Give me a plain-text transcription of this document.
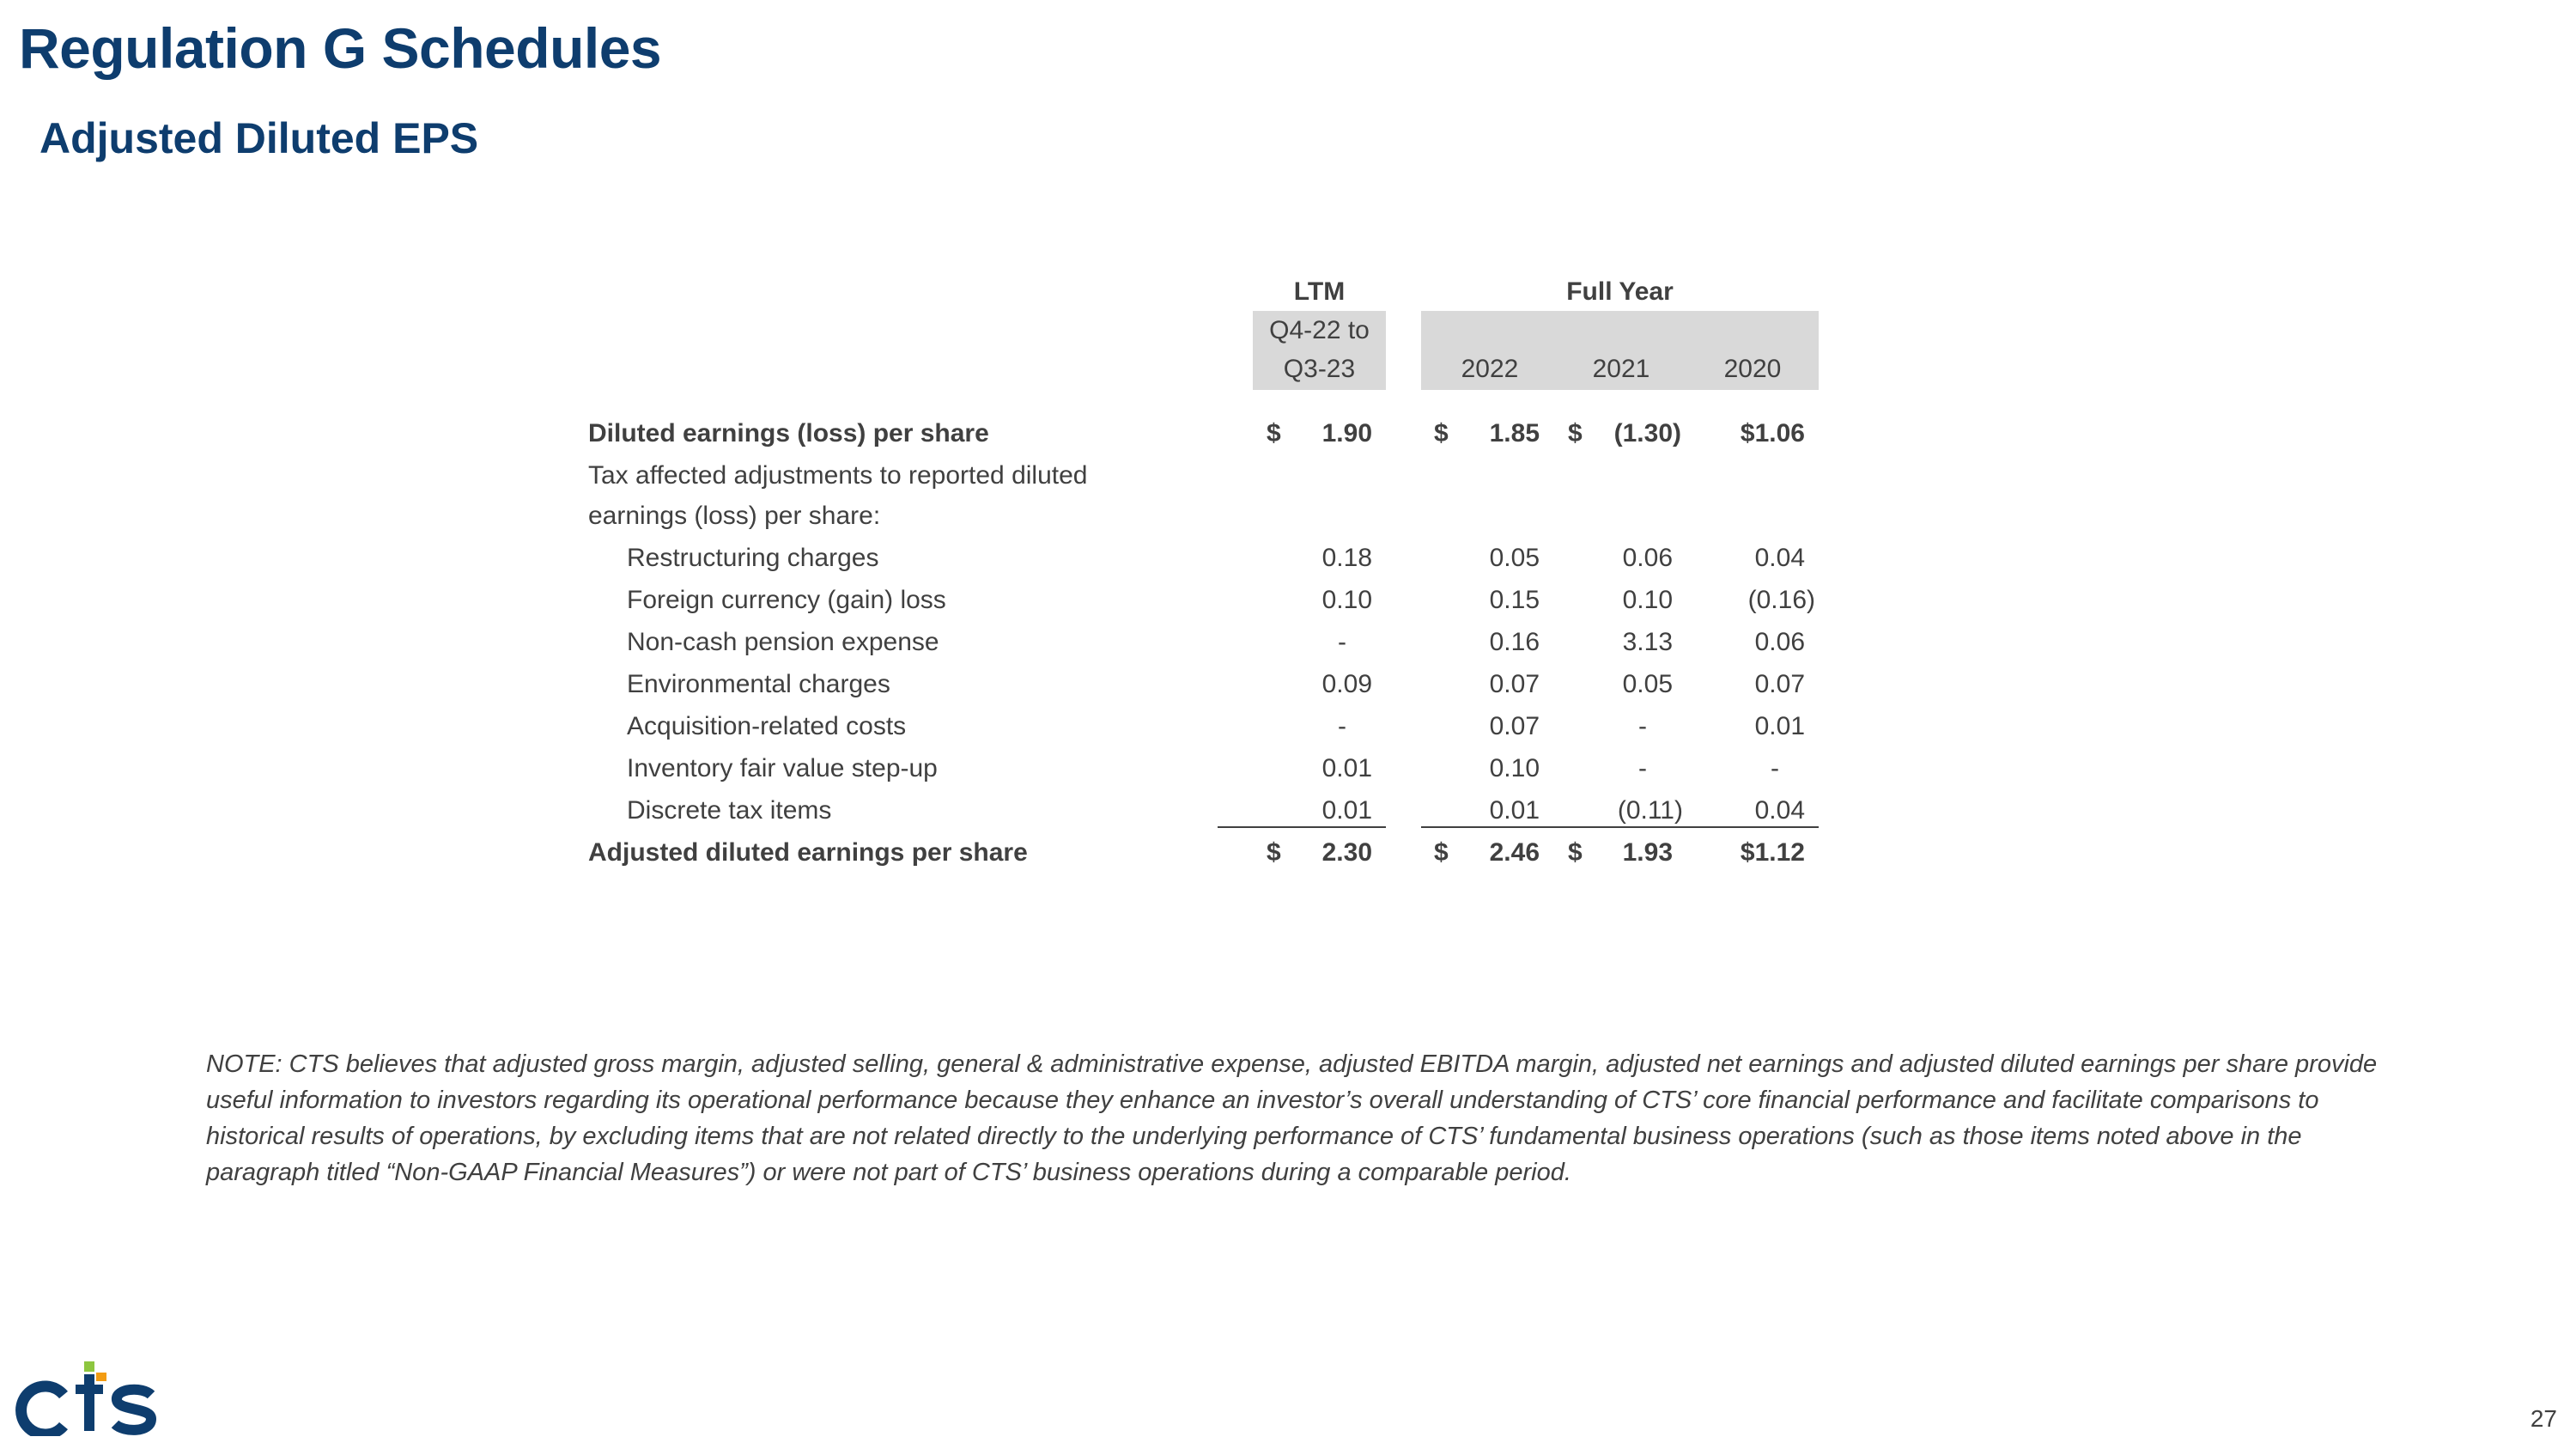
Regulation G Schedules
Adjusted Diluted EPS
LTM	Full Year
Q4-22 to
Q3-23	2022	2021	2020
Diluted earnings (loss) per share	$	1.90 $	1.85 $	(1.30)	$1.06
Tax affected adjustments to reported diluted
earnings (loss) per share:
Restructuring charges	0.18	0.05	0.06	0.04
Foreign currency (gain) loss	0.10	0.15	0.10	(0.16)
Non-cash pension expense	-	0.16	3.13	0.06
Environmental charges	0.09	0.07	0.05	0.07
Acquisition-related costs	-	0.07	-	0.01
Inventory fair value step-up	0.01	0.10	-	-
Discrete tax items	0.01	0.01	(0.11)	0.04
Adjusted diluted earnings per share	$	2.30 $	2.46 $	1.93	$1.12

NOTE: CTS believes that adjusted gross margin, adjusted selling, general & administrative expense, adjusted EBITDA margin, adjusted net earnings and adjusted diluted earnings per share provide useful information to investors regarding its operational performance because they enhance an investor’s overall understanding of CTS’ core financial performance and facilitate comparisons to historical results of operations, by excluding items that are not related directly to the underlying performance of CTS’ fundamental business operations (such as those items noted above in the paragraph titled “Non-GAAP Financial Measures”) or were not part of CTS’ business operations during a comparable period.

27
